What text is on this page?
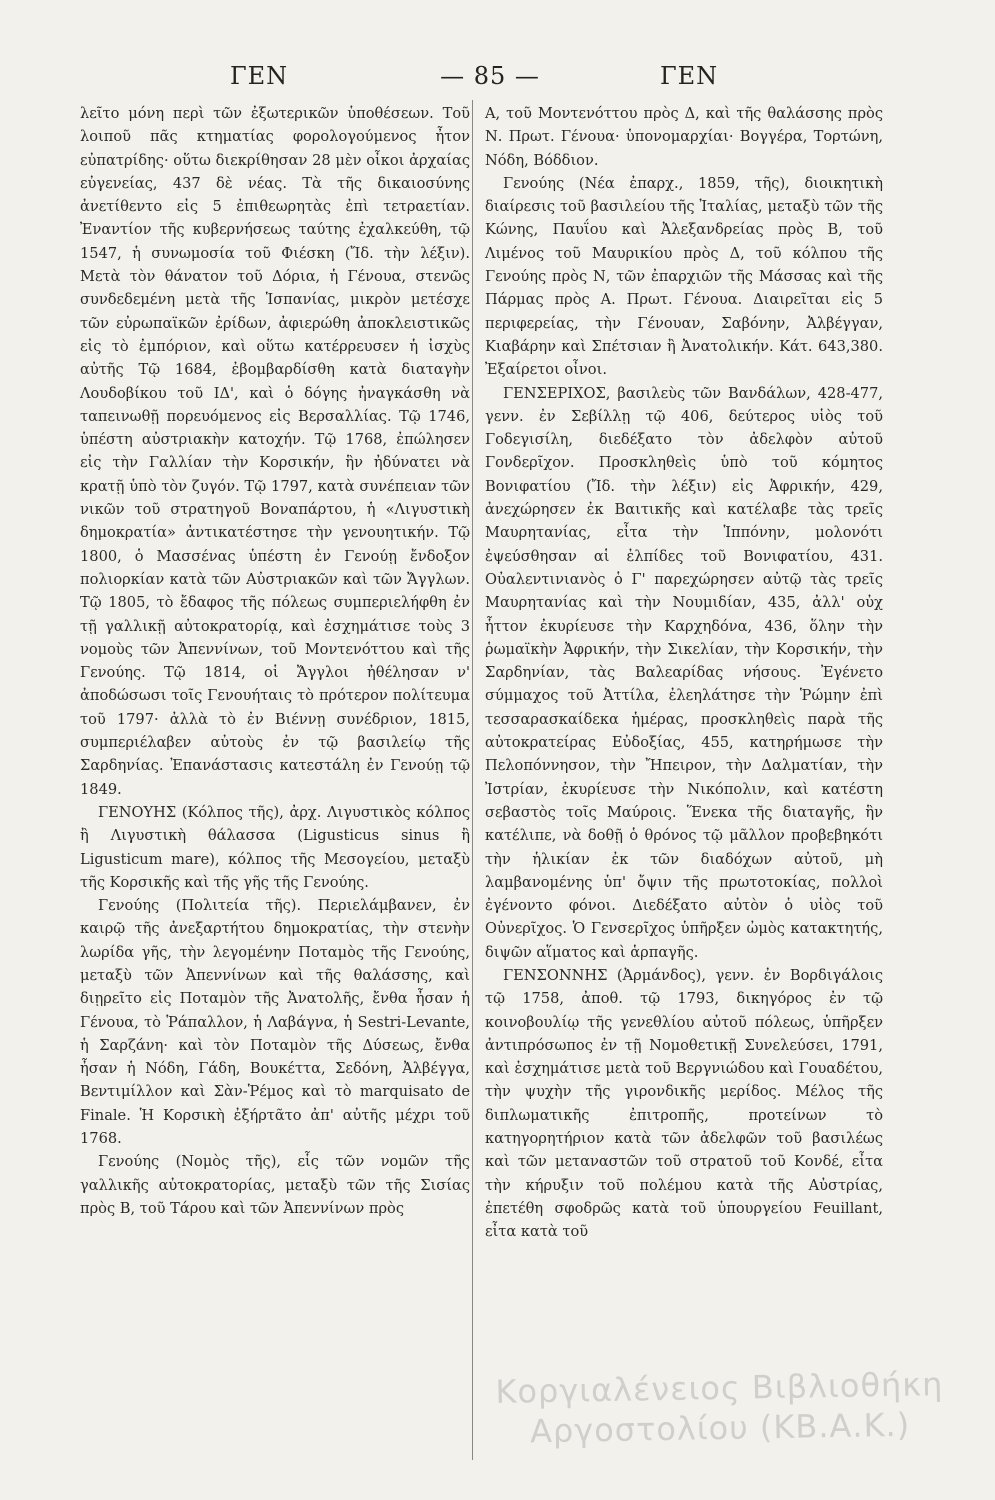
ΓΕΝ	— 85 —	ΓΕΝ

λεῖτο μόνη περὶ τῶν ἐξωτερικῶν ὑποθέσεων. Τοῦ λοιποῦ πᾶς κτηματίας φορολογούμενος ἦτον εὐπατρίδης· οὕτω διεκρίθησαν 28 μὲν οἶκοι ἀρχαίας εὐγενείας, 437 δὲ νέας. Τὰ τῆς δικαιοσύνης ἀνετίθεντο εἰς 5 ἐπιθεωρητὰς ἐπὶ τετραετίαν. Ἐναντίον τῆς κυβερνήσεως ταύτης ἐχαλκεύθη, τῷ 1547, ἡ συνωμοσία τοῦ Φιέσκη (Ἴδ. τὴν λέξιν). Μετὰ τὸν θάνατον τοῦ Δόρια, ἡ Γένουα, στενῶς συνδεδεμένη μετὰ τῆς Ἱσπανίας, μικρὸν μετέσχε τῶν εὐρωπαϊκῶν ἐρίδων, ἀφιερώθη ἀποκλειστικῶς εἰς τὸ ἐμπόριον, καὶ οὕτω κατέρρευσεν ἡ ἰσχὺς αὐτῆς Τῷ 1684, ἐβομβαρδίσθη κατὰ διαταγὴν Λουδοβίκου τοῦ ΙΔ', καὶ ὁ δόγης ἠναγκάσθη νὰ ταπεινωθῇ πορευόμενος εἰς Βερσαλλίας. Τῷ 1746, ὑπέστη αὐστριακὴν κατοχήν. Τῷ 1768, ἐπώλησεν εἰς τὴν Γαλλίαν τὴν Κορσικήν, ἣν ἠδύνατει νὰ κρατῇ ὑπὸ τὸν ζυγόν. Τῷ 1797, κατὰ συνέπειαν τῶν νικῶν τοῦ στρατηγοῦ Βοναπάρτου, ἡ «Λιγυστικὴ δημοκρατία» ἀντικατέστησε τὴν γενουητικήν. Τῷ 1800, ὁ Μασσένας ὑπέστη ἐν Γενούῃ ἔνδοξον πολιορκίαν κατὰ τῶν Αὐστριακῶν καὶ τῶν Ἄγγλων. Τῷ 1805, τὸ ἔδαφος τῆς πόλεως συμπεριελήφθη ἐν τῇ γαλλικῇ αὐτοκρατορίᾳ, καὶ ἐσχημάτισε τοὺς 3 νομοὺς τῶν Ἀπεννίνων, τοῦ Μοντενόττου καὶ τῆς Γενούης. Τῷ 1814, οἱ Ἄγγλοι ἠθέλησαν ν' ἀποδώσωσι τοῖς Γενουήταις τὸ πρότερον πολίτευμα τοῦ 1797· ἀλλὰ τὸ ἐν Βιέννῃ συνέδριον, 1815, συμπεριέλαβεν αὐτοὺς ἐν τῷ βασιλείῳ τῆς Σαρδηνίας. Ἐπανάστασις κατεστάλη ἐν Γενούῃ τῷ 1849.

ΓΕΝΟΥΗΣ (Κόλπος τῆς), ἀρχ. Λιγυστικὸς κόλπος ἢ Λιγυστικὴ θάλασσα (Ligusticus sinus ἢ Ligusticum mare), κόλπος τῆς Μεσογείου, μεταξὺ τῆς Κορσικῆς καὶ τῆς γῆς τῆς Γενούης.

Γενούης (Πολιτεία τῆς). Περιελάμβανεν, ἐν καιρῷ τῆς ἀνεξαρτήτου δημοκρατίας, τὴν στενὴν λωρίδα γῆς, τὴν λεγομένην Ποταμὸς τῆς Γενούης, μεταξὺ τῶν Ἀπεννίνων καὶ τῆς θαλάσσης, καὶ διῃρεῖτο εἰς Ποταμὸν τῆς Ἀνατολῆς, ἔνθα ἦσαν ἡ Γένουα, τὸ Ῥάπαλλον, ἡ Λαβάγνα, ἡ Sestri-Levante, ἡ Σαρζάνη· καὶ τὸν Ποταμὸν τῆς Δύσεως, ἔνθα ἦσαν ἡ Νόδη, Γάδη, Βουκέττα, Σεδόνη, Ἀλβέγγα, Βεντιμίλλον καὶ Σὰν-Ῥέμος καὶ τὸ marquisato de Finale. Ἡ Κορσικὴ ἐξήρτᾶτο ἀπ' αὐτῆς μέχρι τοῦ 1768.

Γενούης (Νομὸς τῆς), εἷς τῶν νομῶν τῆς γαλλικῆς αὐτοκρατορίας, μεταξὺ τῶν τῆς Σισίας πρὸς Β, τοῦ Τάρου καὶ τῶν Ἀπεννίνων πρὸς

Α, τοῦ Μοντενόττου πρὸς Δ, καὶ τῆς θαλάσσης πρὸς Ν. Πρωτ. Γένουα· ὑπονομαρχίαι· Βογγέρα, Τορτώνη, Νόδη, Βόδδιον.

Γενούης (Νέα ἐπαρχ., 1859, τῆς), διοικητικὴ διαίρεσις τοῦ βασιλείου τῆς Ἰταλίας, μεταξὺ τῶν τῆς Κώνης, Παυΐου καὶ Ἀλεξανδρείας πρὸς Β, τοῦ Λιμένος τοῦ Μαυρικίου πρὸς Δ, τοῦ κόλπου τῆς Γενούης πρὸς Ν, τῶν ἐπαρχιῶν τῆς Μάσσας καὶ τῆς Πάρμας πρὸς Α. Πρωτ. Γένουα. Διαιρεῖται εἰς 5 περιφερείας, τὴν Γένουαν, Σαβόνην, Ἀλβέγγαν, Κιαβάρην καὶ Σπέτσιαν ἢ Ἀνατολικήν. Κάτ. 643,380. Ἐξαίρετοι οἶνοι.

ΓΕΝΣΕΡΙΧΟΣ, βασιλεὺς τῶν Βανδάλων, 428-477, γενν. ἐν Σεβίλλῃ τῷ 406, δεύτερος υἱὸς τοῦ Γοδεγισίλη, διεδέξατο τὸν ἀδελφὸν αὐτοῦ Γονδερῖχον. Προσκληθεὶς ὑπὸ τοῦ κόμητος Βονιφατίου (Ἴδ. τὴν λέξιν) εἰς Ἀφρικήν, 429, ἀνεχώρησεν ἐκ Βαιτικῆς καὶ κατέλαβε τὰς τρεῖς Μαυρητανίας, εἶτα τὴν Ἱππόνην, μολονότι ἐψεύσθησαν αἱ ἐλπίδες τοῦ Βονιφατίου, 431. Οὐαλεντινιανὸς ὁ Γ' παρεχώρησεν αὐτῷ τὰς τρεῖς Μαυρητανίας καὶ τὴν Νουμιδίαν, 435, ἀλλ' οὐχ ἧττον ἐκυρίευσε τὴν Καρχηδόνα, 436, ὅλην τὴν ῥωμαϊκὴν Ἀφρικήν, τὴν Σικελίαν, τὴν Κορσικήν, τὴν Σαρδηνίαν, τὰς Βαλεαρίδας νήσους. Ἐγένετο σύμμαχος τοῦ Ἀττίλα, ἐλεηλάτησε τὴν Ῥώμην ἐπὶ τεσσαρασκαίδεκα ἡμέρας, προσκληθεὶς παρὰ τῆς αὐτοκρατείρας Εὐδοξίας, 455, κατηρήμωσε τὴν Πελοπόννησον, τὴν Ἤπειρον, τὴν Δαλματίαν, τὴν Ἰστρίαν, ἐκυρίευσε τὴν Νικόπολιν, καὶ κατέστη σεβαστὸς τοῖς Μαύροις. Ἕνεκα τῆς διαταγῆς, ἣν κατέλιπε, νὰ δοθῇ ὁ θρόνος τῷ μᾶλλον προβεβηκότι τὴν ἡλικίαν ἐκ τῶν διαδόχων αὐτοῦ, μὴ λαμβανομένης ὑπ' ὄψιν τῆς πρωτοτοκίας, πολλοὶ ἐγένοντο φόνοι. Διεδέξατο αὐτὸν ὁ υἱὸς τοῦ Οὐνερῖχος. Ὁ Γενσερῖχος ὑπῆρξεν ὠμὸς κατακτητής, διψῶν αἵματος καὶ ἁρπαγῆς.

ΓΕΝΣΟΝΝΗΣ (Ἀρμάνδος), γενν. ἐν Βορδιγάλοις τῷ 1758, ἀποθ. τῷ 1793, δικηγόρος ἐν τῷ κοινοβουλίῳ τῆς γενεθλίου αὐτοῦ πόλεως, ὑπῆρξεν ἀντιπρόσωπος ἐν τῇ Νομοθετικῇ Συνελεύσει, 1791, καὶ ἐσχημάτισε μετὰ τοῦ Βεργνιώδου καὶ Γουαδέτου, τὴν ψυχὴν τῆς γιρονδικῆς μερίδος. Μέλος τῆς διπλωματικῆς ἐπιτροπῆς, προτείνων τὸ κατηγορητήριον κατὰ τῶν ἀδελφῶν τοῦ βασιλέως καὶ τῶν μεταναστῶν τοῦ στρατοῦ τοῦ Κονδέ, εἶτα τὴν κήρυξιν τοῦ πολέμου κατὰ τῆς Αὐστρίας, ἐπετέθη σφοδρῶς κατὰ τοῦ ὑπουργείου Feuillant, εἶτα κατὰ τοῦ

Κοργιαλένειος Βιβλιοθήκη Αργοστολίου (ΚΒ.Α.Κ.)
